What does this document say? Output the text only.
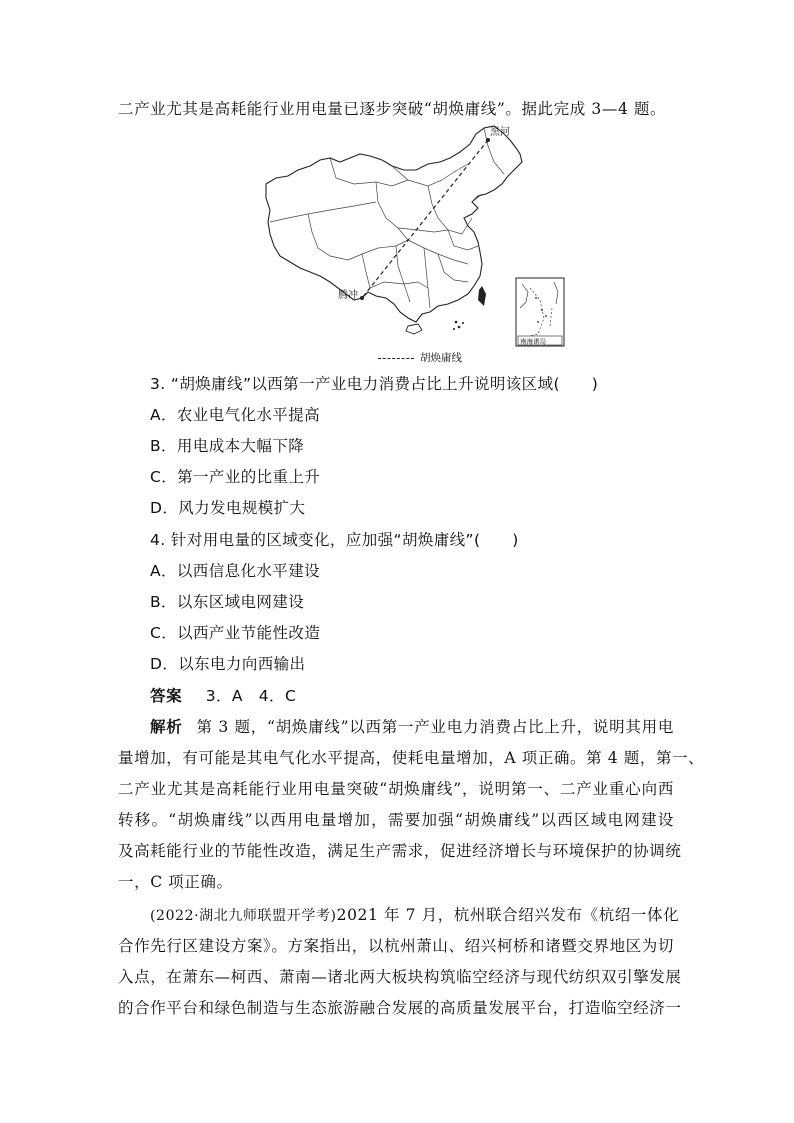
二产业尤其是高耗能行业用电量已逐步突破“胡焕庸线”。据此完成 3—4 题。
黑河
腾冲
南海诸岛
胡焕庸线
3. “胡焕庸线”以西第一产业电力消费占比上升说明该区域(　　)
A．农业电气化水平提高
B．用电成本大幅下降
C．第一产业的比重上升
D．风力发电规模扩大
4. 针对用电量的区域变化，应加强“胡焕庸线”(　　)
A．以西信息化水平建设
B．以东区域电网建设
C．以西产业节能性改造
D．以东电力向西输出
答案 3．A　4．C
解析 第 3 题，“胡焕庸线”以西第一产业电力消费占比上升，说明其用电
量增加，有可能是其电气化水平提高，使耗电量增加，A 项正确。第 4 题，第一、
二产业尤其是高耗能行业用电量突破“胡焕庸线”，说明第一、二产业重心向西
转移。“胡焕庸线”以西用电量增加，需要加强“胡焕庸线”以西区域电网建设
及高耗能行业的节能性改造，满足生产需求，促进经济增长与环境保护的协调统
一，C 项正确。
(2022·湖北九师联盟开学考)2021 年 7 月，杭州联合绍兴发布《杭绍一体化
合作先行区建设方案》。方案指出，以杭州萧山、绍兴柯桥和诸暨交界地区为切
入点，在萧东—柯西、萧南—诸北两大板块构筑临空经济与现代纺织双引擎发展
的合作平台和绿色制造与生态旅游融合发展的高质量发展平台，打造临空经济一
